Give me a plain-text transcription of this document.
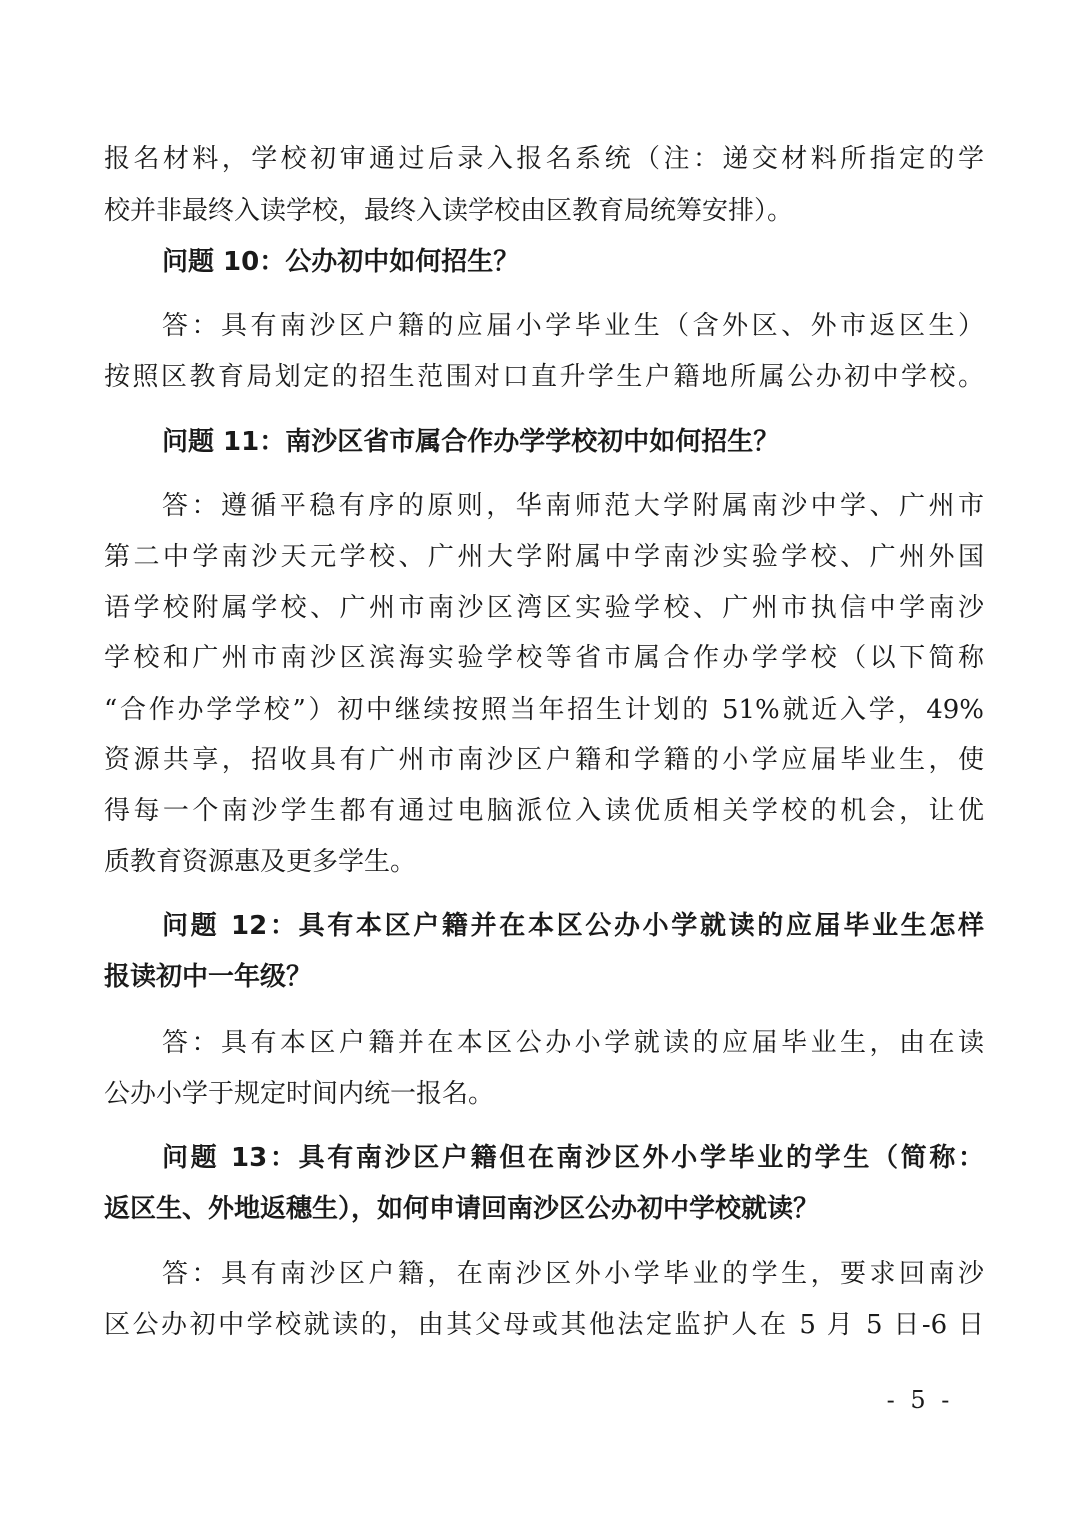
报名材料，学校初审通过后录入报名系统（注：递交材料所指定的学
校并非最终入读学校，最终入读学校由区教育局统筹安排）。
问题 10：公办初中如何招生？
答：具有南沙区户籍的应届小学毕业生（含外区、外市返区生）
按照区教育局划定的招生范围对口直升学生户籍地所属公办初中学校。
问题 11：南沙区省市属合作办学学校初中如何招生？
答：遵循平稳有序的原则，华南师范大学附属南沙中学、广州市
第二中学南沙天元学校、广州大学附属中学南沙实验学校、广州外国
语学校附属学校、广州市南沙区湾区实验学校、广州市执信中学南沙
学校和广州市南沙区滨海实验学校等省市属合作办学学校（以下简称
“合作办学学校”）初中继续按照当年招生计划的 51%就近入学，49%
资源共享，招收具有广州市南沙区户籍和学籍的小学应届毕业生，使
得每一个南沙学生都有通过电脑派位入读优质相关学校的机会，让优
质教育资源惠及更多学生。
问题 12：具有本区户籍并在本区公办小学就读的应届毕业生怎样
报读初中一年级？
答：具有本区户籍并在本区公办小学就读的应届毕业生，由在读
公办小学于规定时间内统一报名。
问题 13：具有南沙区户籍但在南沙区外小学毕业的学生（简称：
返区生、外地返穗生），如何申请回南沙区公办初中学校就读？
答：具有南沙区户籍，在南沙区外小学毕业的学生，要求回南沙
区公办初中学校就读的，由其父母或其他法定监护人在 5 月 5 日-6 日
- 5 -
